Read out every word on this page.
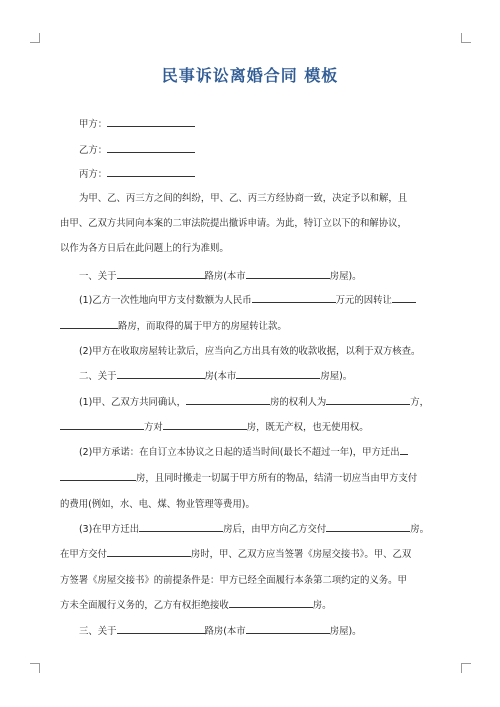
民事诉讼离婚合同 模板
甲方：
乙方：
丙方：
为甲、乙、丙三方之间的纠纷，甲、乙、丙三方经协商一致，决定予以和解，且
由甲、乙双方共同向本案的二审法院提出撤诉申请。为此，特订立以下的和解协议，
以作为各方日后在此问题上的行为准则。
一、关于	路房(本市	房屋)。
(1)乙方一次性地向甲方支付数额为人民币	万元的因转让
路房，而取得的属于甲方的房屋转让款。
(2)甲方在收取房屋转让款后，应当向乙方出具有效的收款收据，以利于双方核查。
二、关于	房(本市	房屋)。
(1)甲、乙双方共同确认，	房的权利人为	方，
方对	房，既无产权，也无使用权。
(2)甲方承诺：在自订立本协议之日起的适当时间(最长不超过一年)，甲方迁出
房，且同时搬走一切属于甲方所有的物品，结清一切应当由甲方支付
的费用(例如，水、电、煤、物业管理等费用)。
(3)在甲方迁出	房后，由甲方向乙方交付	房。
在甲方交付	房时，甲、乙双方应当签署《房屋交接书》。甲、乙双
方签署《房屋交接书》的前提条件是：甲方已经全面履行本条第二项约定的义务。甲
方未全面履行义务的，乙方有权拒绝接收	房。
三、关于	路房(本市	房屋)。
